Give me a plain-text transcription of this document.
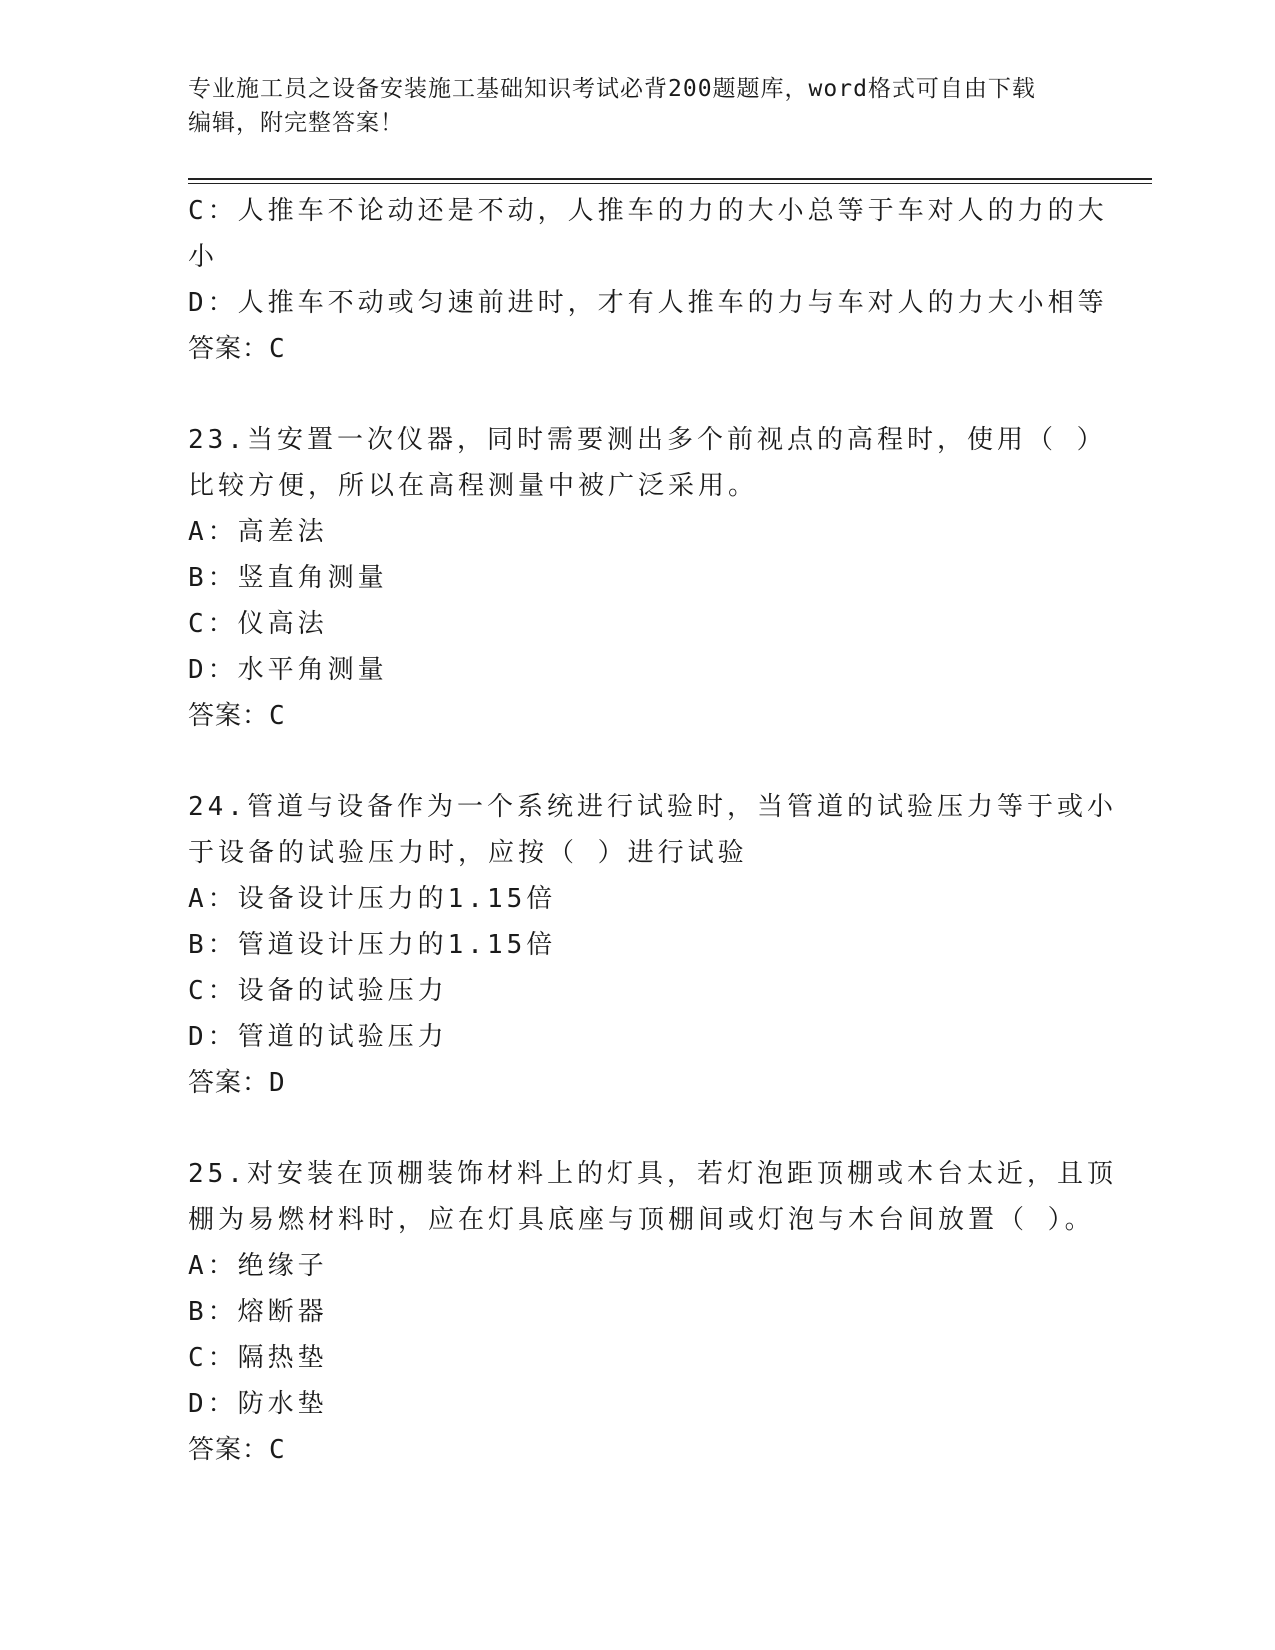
专业施工员之设备安装施工基础知识考试必背200题题库，word格式可自由下载
编辑，附完整答案！
C：人推车不论动还是不动，人推车的力的大小总等于车对人的力的大
小
D：人推车不动或匀速前进时，才有人推车的力与车对人的力大小相等
答案：C
23.当安置一次仪器，同时需要测出多个前视点的高程时，使用（ ）
比较方便，所以在高程测量中被广泛采用。
A：高差法
B：竖直角测量
C：仪高法
D：水平角测量
答案：C
24.管道与设备作为一个系统进行试验时，当管道的试验压力等于或小
于设备的试验压力时，应按（ ）进行试验
A：设备设计压力的1.15倍
B：管道设计压力的1.15倍
C：设备的试验压力
D：管道的试验压力
答案：D
25.对安装在顶棚装饰材料上的灯具，若灯泡距顶棚或木台太近，且顶
棚为易燃材料时，应在灯具底座与顶棚间或灯泡与木台间放置（ ）。
A：绝缘子
B：熔断器
C：隔热垫
D：防水垫
答案：C
